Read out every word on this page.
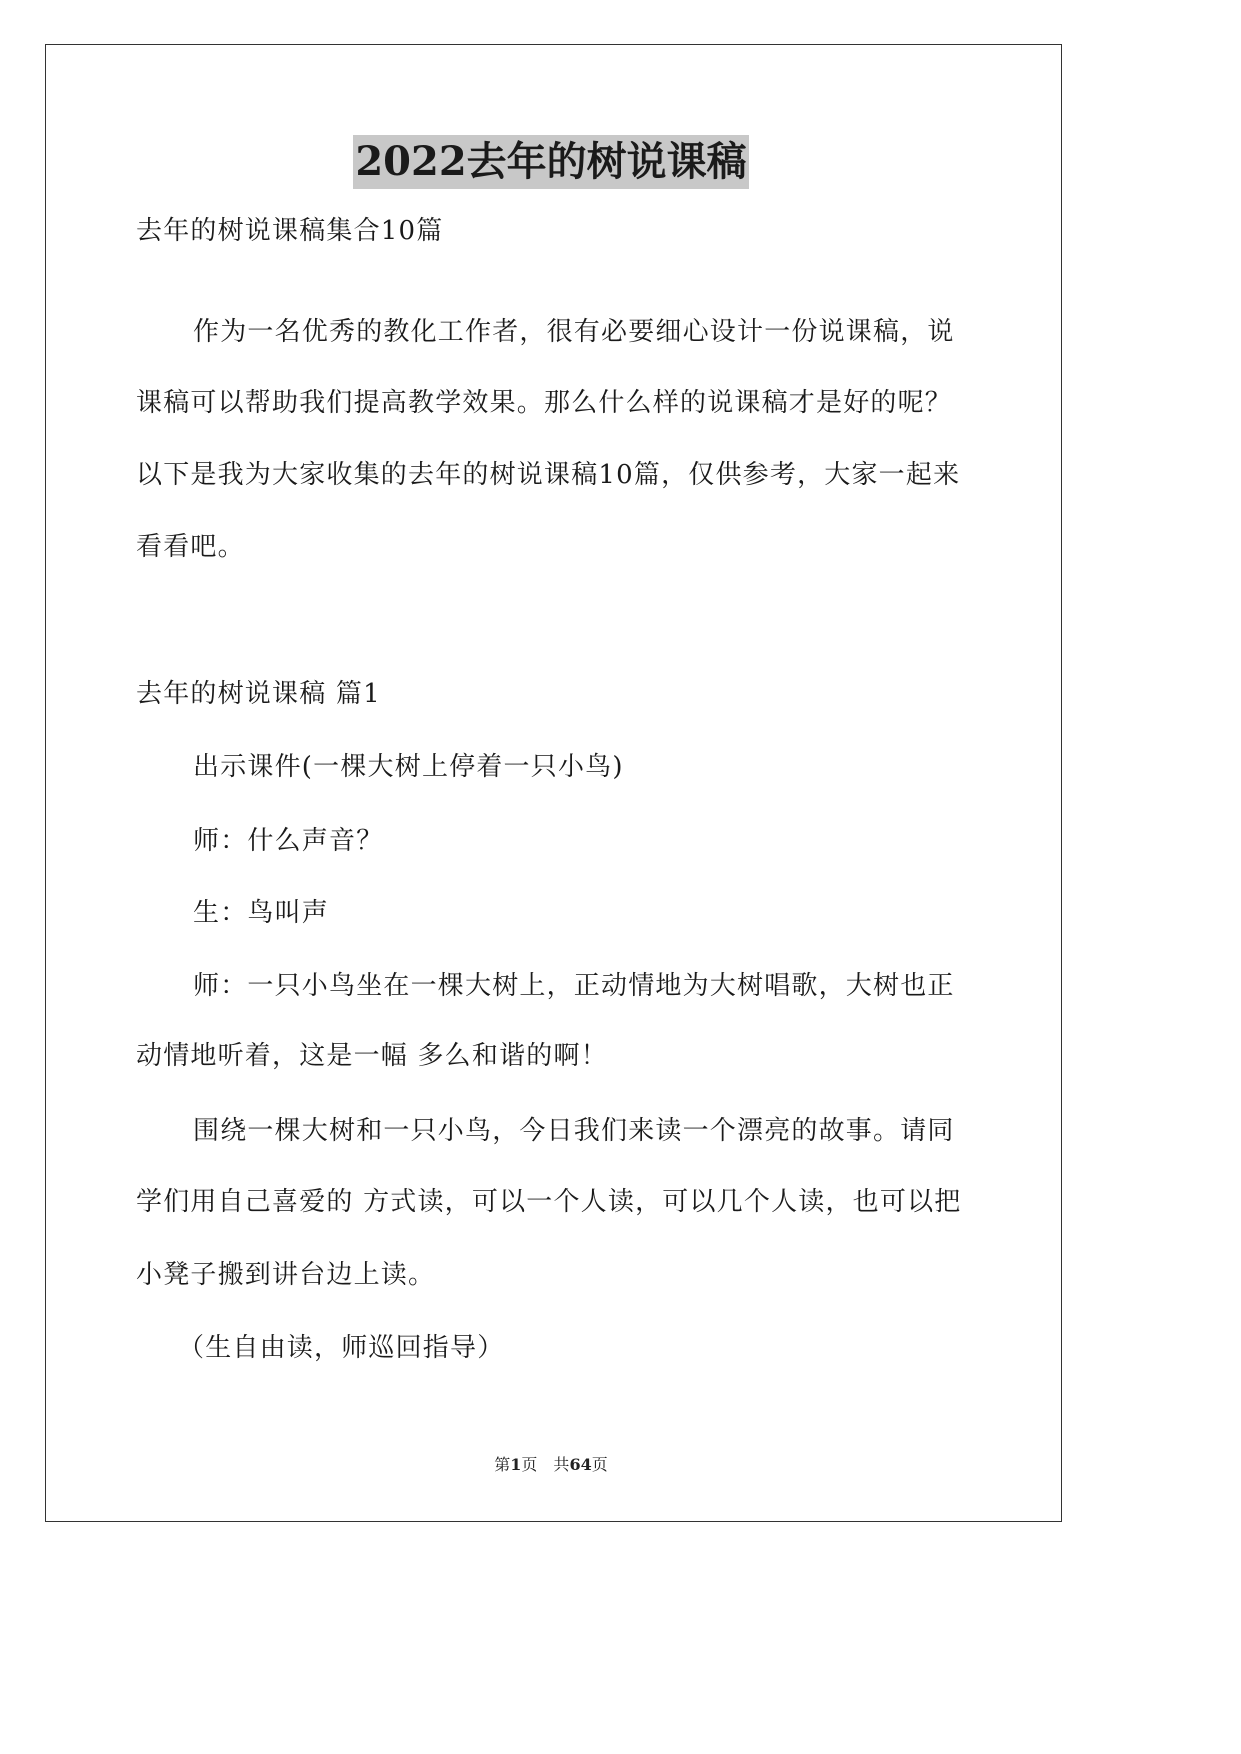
2022去年的树说课稿
去年的树说课稿集合10篇
作为一名优秀的教化工作者，很有必要细心设计一份说课稿，说
课稿可以帮助我们提高教学效果。那么什么样的说课稿才是好的呢？
以下是我为大家收集的去年的树说课稿10篇，仅供参考，大家一起来
看看吧。
去年的树说课稿 篇1
出示课件(一棵大树上停着一只小鸟)
师：什么声音？
生：鸟叫声
师：一只小鸟坐在一棵大树上，正动情地为大树唱歌，大树也正
动情地听着，这是一幅 多么和谐的啊！
围绕一棵大树和一只小鸟，今日我们来读一个漂亮的故事。请同
学们用自己喜爱的 方式读，可以一个人读，可以几个人读，也可以把
小凳子搬到讲台边上读。
（生自由读，师巡回指导）
第1页　共64页
